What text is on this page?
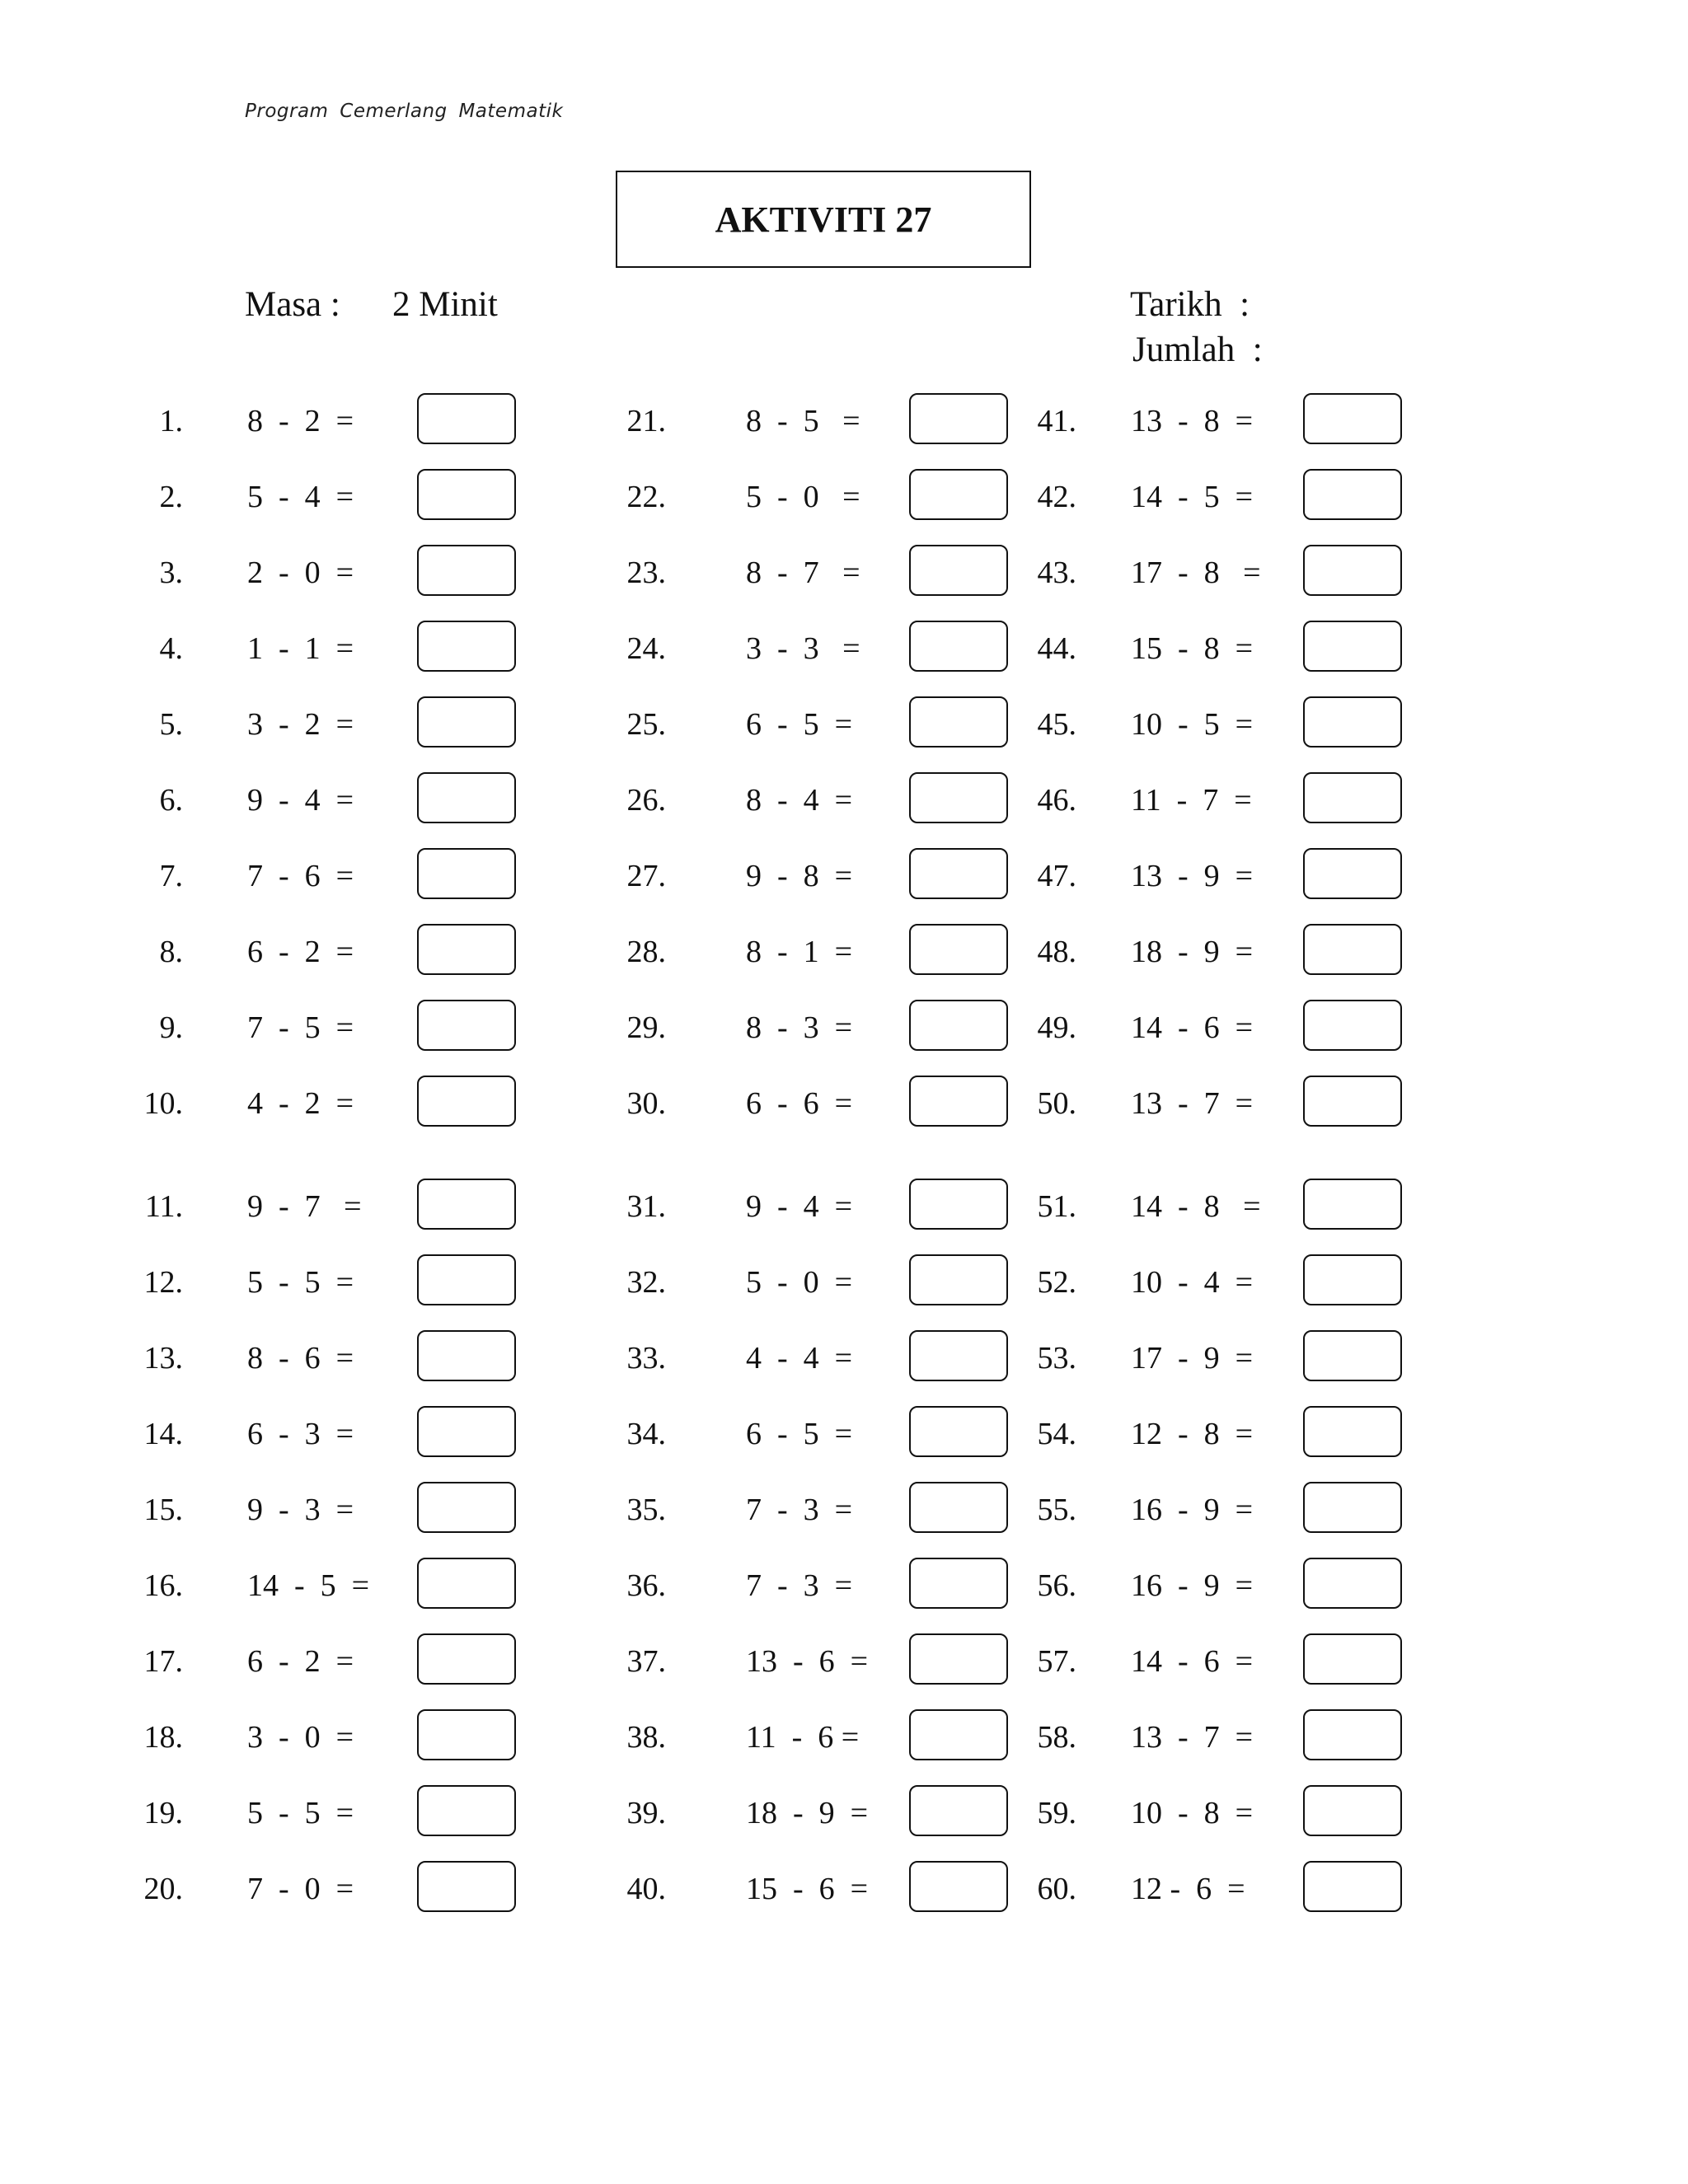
Program Cemerlang Matematik
AKTIVITI 27
Masa : 2 Minit	Tarikh  :
Jumlah  :
1. 8  -  2  =
2. 5  -  4  =
3. 2  -  0  =
4. 1  -  1  =
5. 3  -  2  =
6. 9  -  4  =
7. 7  -  6  =
8. 6  -  2  =
9. 7  -  5  =
10. 4  -  2  =
11. 9  -  7   =
12. 5  -  5  =
13. 8  -  6  =
14. 6  -  3  =
15. 9  -  3  =
16. 14  -  5  =
17. 6  -  2  =
18. 3  -  0  =
19. 5  -  5  =
20. 7  -  0  =
21.	8  -  5   =
22.	5  -  0   =
23.	8  -  7   =
24.	3  -  3   =
25.	6  -  5  =
26.	8  -  4  =
27.	9  -  8  =
28.	8  -  1  =
29.	8  -  3  =
30.	6  -  6  =
31.	9  -  4  =
32.	5  -  0  =
33.	4  -  4  =
34.	6  -  5  =
35.	7  -  3  =
36.	7  -  3  =
37.	13  -  6  =
38.	11  -  6 =
39.	18  -  9  =
40.	15  -  6  =
41. 13  -  8  =
42. 14  -  5  =
43. 17  -  8   =
44. 15  -  8  =
45. 10  -  5  =
46. 11  -  7  =
47. 13  -  9  =
48. 18  -  9  =
49. 14  -  6  =
50. 13  -  7  =
51. 14  -  8   =
52. 10  -  4  =
53. 17  -  9  =
54. 12  -  8  =
55. 16  -  9  =
56. 16  -  9  =
57. 14  -  6  =
58. 13  -  7  =
59. 10  -  8  =
60. 12 -  6  =
